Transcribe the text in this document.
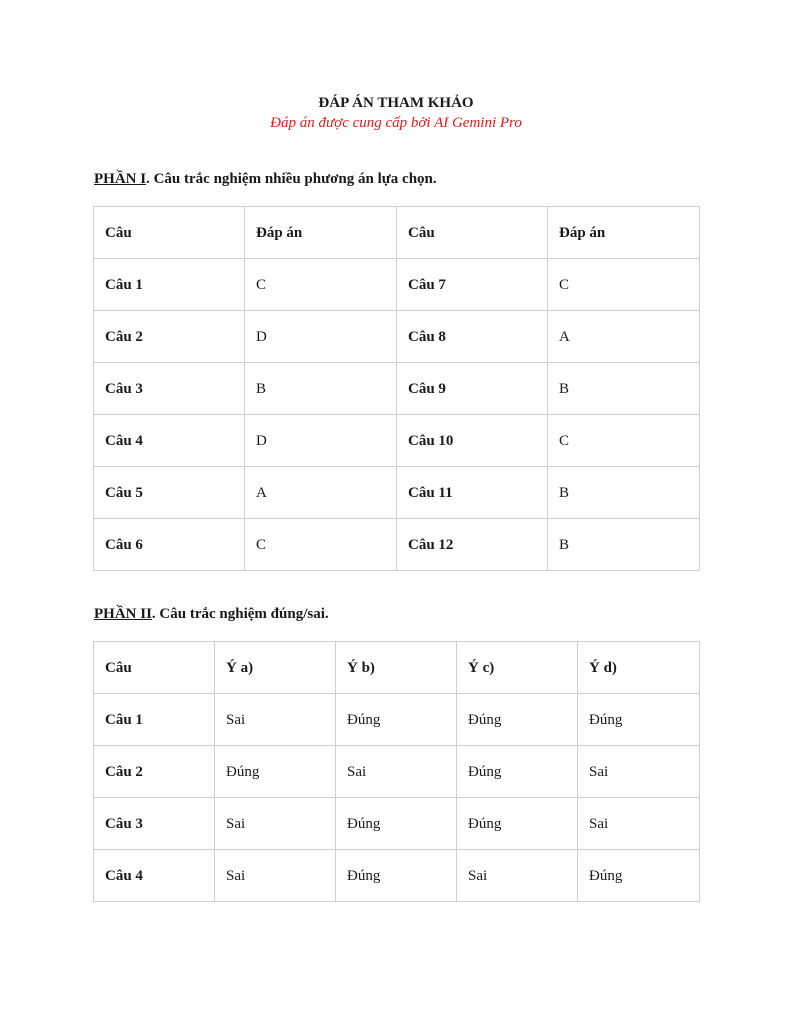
ĐÁP ÁN THAM KHẢO
Đáp án được cung cấp bởi AI Gemini Pro
PHẦN I. Câu trắc nghiệm nhiều phương án lựa chọn.
Câu	Đáp án	Câu	Đáp án
Câu 1	C	Câu 7	C
Câu 2	D	Câu 8	A
Câu 3	B	Câu 9	B
Câu 4	D	Câu 10	C
Câu 5	A	Câu 11	B
Câu 6	C	Câu 12	B
PHẦN II. Câu trắc nghiệm đúng/sai.
Câu	Ý a)	Ý b)	Ý c)	Ý d)
Câu 1	Sai	Đúng	Đúng	Đúng
Câu 2	Đúng	Sai	Đúng	Sai
Câu 3	Sai	Đúng	Đúng	Sai
Câu 4	Sai	Đúng	Sai	Đúng
